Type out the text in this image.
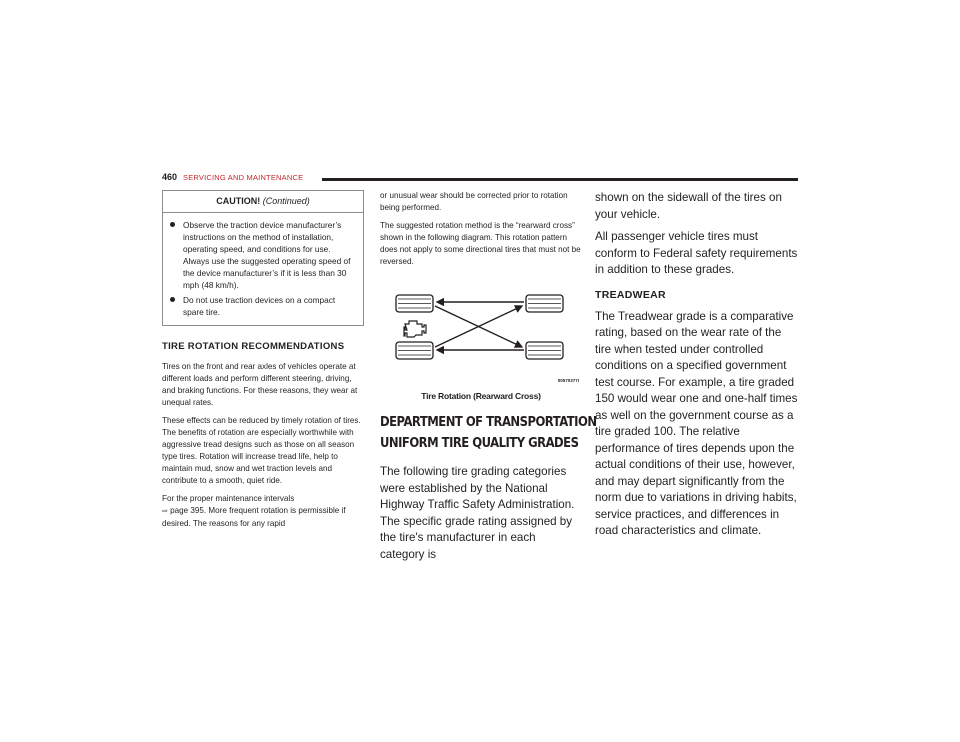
460 SERVICING AND MAINTENANCE
CAUTION! (Continued)
Observe the traction device manufacturer’s instructions on the method of installation, operating speed, and conditions for use. Always use the suggested operating speed of the device manufacturer’s if it is less than 30 mph (48 km/h).
Do not use traction devices on a compact spare tire.
TIRE ROTATION RECOMMENDATIONS

Tires on the front and rear axles of vehicles operate at different loads and perform different steering, driving, and braking functions. For these reasons, they wear at unequal rates.

These effects can be reduced by timely rotation of tires. The benefits of rotation are especially worthwhile with aggressive tread designs such as those on all season type tires. Rotation will increase tread life, help to maintain mud, snow and wet traction levels and contribute to a smooth, quiet ride.

For the proper maintenance intervals
⇨ page 395. More frequent rotation is permissible if desired. The reasons for any rapid

or unusual wear should be corrected prior to rotation being performed.

The suggested rotation method is the “rearward cross” shown in the following diagram. This rotation pattern does not apply to some directional tires that must not be reversed.

00570377I
Tire Rotation (Rearward Cross)
DEPARTMENT OF TRANSPORTATION
UNIFORM TIRE QUALITY GRADES

The following tire grading categories were established by the National Highway Traffic Safety Administration. The specific grade rating assigned by the tire's manufacturer in each category is

shown on the sidewall of the tires on your vehicle.

All passenger vehicle tires must conform to Federal safety requirements in addition to these grades.

TREADWEAR

The Treadwear grade is a comparative rating, based on the wear rate of the tire when tested under controlled conditions on a specified government test course. For example, a tire graded 150 would wear one and one-half times as well on the government course as a tire graded 100. The relative performance of tires depends upon the actual conditions of their use, however, and may depart significantly from the norm due to variations in driving habits, service practices, and differences in road characteristics and climate.
